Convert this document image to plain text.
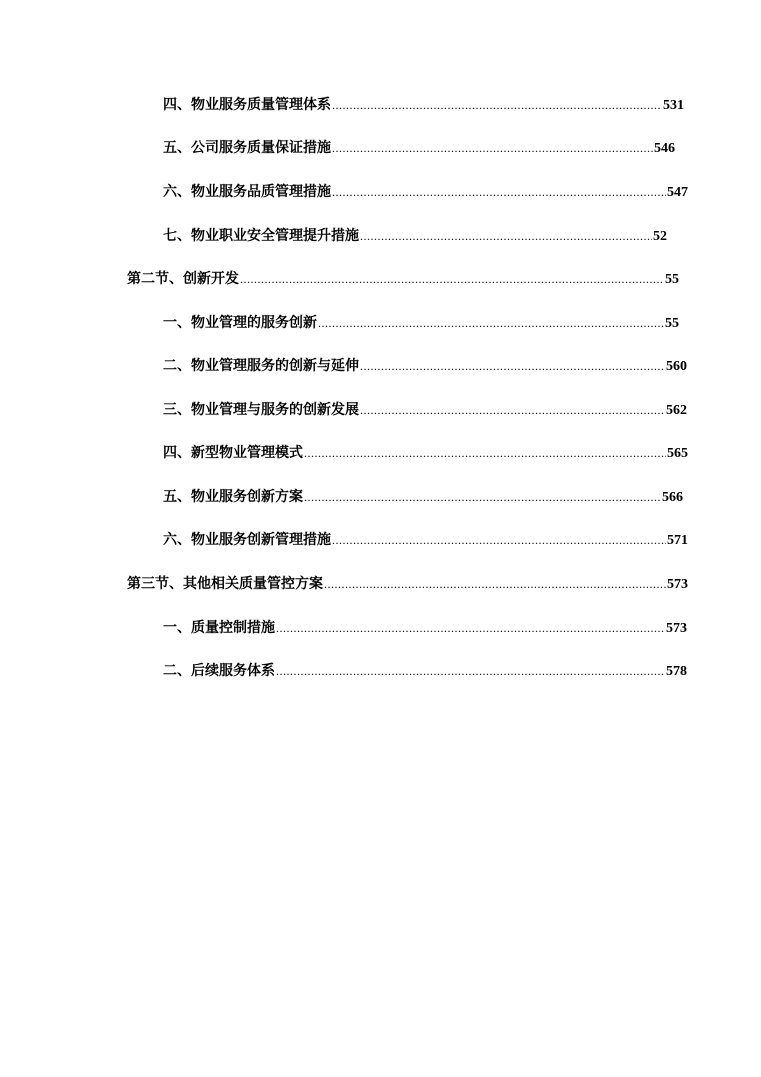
四、物业服务质量管理体系 .....	531
五、公司服务质量保证措施 .....	546
六、物业服务品质管理措施 .....	547
七、物业职业安全管理提升措施 .....	52
第二节、创新开发 .....	55
一、物业管理的服务创新 .....	55
二、物业管理服务的创新与延伸 .....	560
三、物业管理与服务的创新发展 .....	562
四、新型物业管理模式 .....	565
五、物业服务创新方案 .....	566
六、物业服务创新管理措施 .....	571
第三节、其他相关质量管控方案 .....	573
一、质量控制措施 .....	573
二、后续服务体系 .....	578
